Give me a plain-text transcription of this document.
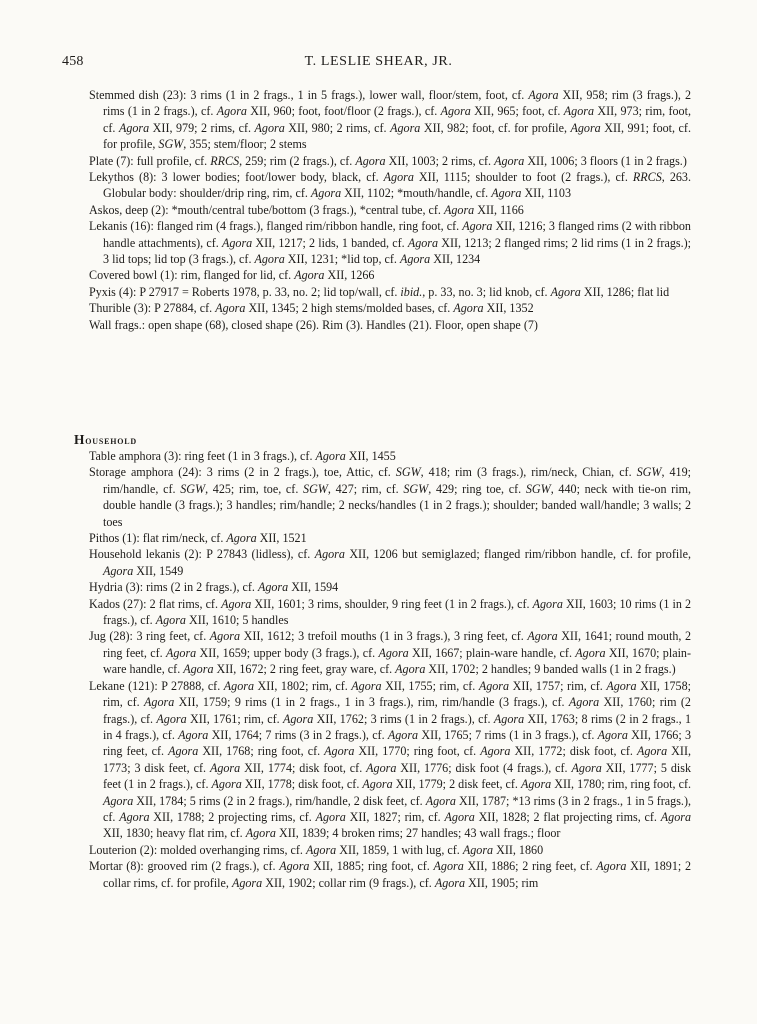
458	T. LESLIE SHEAR, JR.

Stemmed dish (23): 3 rims (1 in 2 frags., 1 in 5 frags.), lower wall, floor/stem, foot, cf. Agora XII, 958; rim (3 frags.), 2 rims (1 in 2 frags.), cf. Agora XII, 960; foot, foot/floor (2 frags.), cf. Agora XII, 965; foot, cf. Agora XII, 973; rim, foot, cf. Agora XII, 979; 2 rims, cf. Agora XII, 980; 2 rims, cf. Agora XII, 982; foot, cf. for profile, Agora XII, 991; foot, cf. for profile, SGW, 355; stem/floor; 2 stems

Plate (7): full profile, cf. RRCS, 259; rim (2 frags.), cf. Agora XII, 1003; 2 rims, cf. Agora XII, 1006; 3 floors (1 in 2 frags.)

Lekythos (8): 3 lower bodies; foot/lower body, black, cf. Agora XII, 1115; shoulder to foot (2 frags.), cf. RRCS, 263. Globular body: shoulder/drip ring, rim, cf. Agora XII, 1102; *mouth/handle, cf. Agora XII, 1103

Askos, deep (2): *mouth/central tube/bottom (3 frags.), *central tube, cf. Agora XII, 1166

Lekanis (16): flanged rim (4 frags.), flanged rim/ribbon handle, ring foot, cf. Agora XII, 1216; 3 flanged rims (2 with ribbon handle attachments), cf. Agora XII, 1217; 2 lids, 1 banded, cf. Agora XII, 1213; 2 flanged rims; 2 lid rims (1 in 2 frags.); 3 lid tops; lid top (3 frags.), cf. Agora XII, 1231; *lid top, cf. Agora XII, 1234

Covered bowl (1): rim, flanged for lid, cf. Agora XII, 1266

Pyxis (4): P 27917 = Roberts 1978, p. 33, no. 2; lid top/wall, cf. ibid., p. 33, no. 3; lid knob, cf. Agora XII, 1286; flat lid

Thurible (3): P 27884, cf. Agora XII, 1345; 2 high stems/molded bases, cf. Agora XII, 1352

Wall frags.: open shape (68), closed shape (26). Rim (3). Handles (21). Floor, open shape (7)

Household

Table amphora (3): ring feet (1 in 3 frags.), cf. Agora XII, 1455

Storage amphora (24): 3 rims (2 in 2 frags.), toe, Attic, cf. SGW, 418; rim (3 frags.), rim/neck, Chian, cf. SGW, 419; rim/handle, cf. SGW, 425; rim, toe, cf. SGW, 427; rim, cf. SGW, 429; ring toe, cf. SGW, 440; neck with tie-on rim, double handle (3 frags.); 3 handles; rim/handle; 2 necks/handles (1 in 2 frags.); shoulder; banded wall/handle; 3 walls; 2 toes

Pithos (1): flat rim/neck, cf. Agora XII, 1521

Household lekanis (2): P 27843 (lidless), cf. Agora XII, 1206 but semiglazed; flanged rim/ribbon handle, cf. for profile, Agora XII, 1549

Hydria (3): rims (2 in 2 frags.), cf. Agora XII, 1594

Kados (27): 2 flat rims, cf. Agora XII, 1601; 3 rims, shoulder, 9 ring feet (1 in 2 frags.), cf. Agora XII, 1603; 10 rims (1 in 2 frags.), cf. Agora XII, 1610; 5 handles

Jug (28): 3 ring feet, cf. Agora XII, 1612; 3 trefoil mouths (1 in 3 frags.), 3 ring feet, cf. Agora XII, 1641; round mouth, 2 ring feet, cf. Agora XII, 1659; upper body (3 frags.), cf. Agora XII, 1667; plain-ware handle, cf. Agora XII, 1670; plain-ware handle, cf. Agora XII, 1672; 2 ring feet, gray ware, cf. Agora XII, 1702; 2 handles; 9 banded walls (1 in 2 frags.)

Lekane (121): P 27888, cf. Agora XII, 1802; rim, cf. Agora XII, 1755; rim, cf. Agora XII, 1757; rim, cf. Agora XII, 1758; rim, cf. Agora XII, 1759; 9 rims (1 in 2 frags., 1 in 3 frags.), rim, rim/handle (3 frags.), cf. Agora XII, 1760; rim (2 frags.), cf. Agora XII, 1761; rim, cf. Agora XII, 1762; 3 rims (1 in 2 frags.), cf. Agora XII, 1763; 8 rims (2 in 2 frags., 1 in 4 frags.), cf. Agora XII, 1764; 7 rims (3 in 2 frags.), cf. Agora XII, 1765; 7 rims (1 in 3 frags.), cf. Agora XII, 1766; 3 ring feet, cf. Agora XII, 1768; ring foot, cf. Agora XII, 1770; ring foot, cf. Agora XII, 1772; disk foot, cf. Agora XII, 1773; 3 disk feet, cf. Agora XII, 1774; disk foot, cf. Agora XII, 1776; disk foot (4 frags.), cf. Agora XII, 1777; 5 disk feet (1 in 2 frags.), cf. Agora XII, 1778; disk foot, cf. Agora XII, 1779; 2 disk feet, cf. Agora XII, 1780; rim, ring foot, cf. Agora XII, 1784; 5 rims (2 in 2 frags.), rim/handle, 2 disk feet, cf. Agora XII, 1787; *13 rims (3 in 2 frags., 1 in 5 frags.), cf. Agora XII, 1788; 2 projecting rims, cf. Agora XII, 1827; rim, cf. Agora XII, 1828; 2 flat projecting rims, cf. Agora XII, 1830; heavy flat rim, cf. Agora XII, 1839; 4 broken rims; 27 handles; 43 wall frags.; floor

Louterion (2): molded overhanging rims, cf. Agora XII, 1859, 1 with lug, cf. Agora XII, 1860

Mortar (8): grooved rim (2 frags.), cf. Agora XII, 1885; ring foot, cf. Agora XII, 1886; 2 ring feet, cf. Agora XII, 1891; 2 collar rims, cf. for profile, Agora XII, 1902; collar rim (9 frags.), cf. Agora XII, 1905; rim
